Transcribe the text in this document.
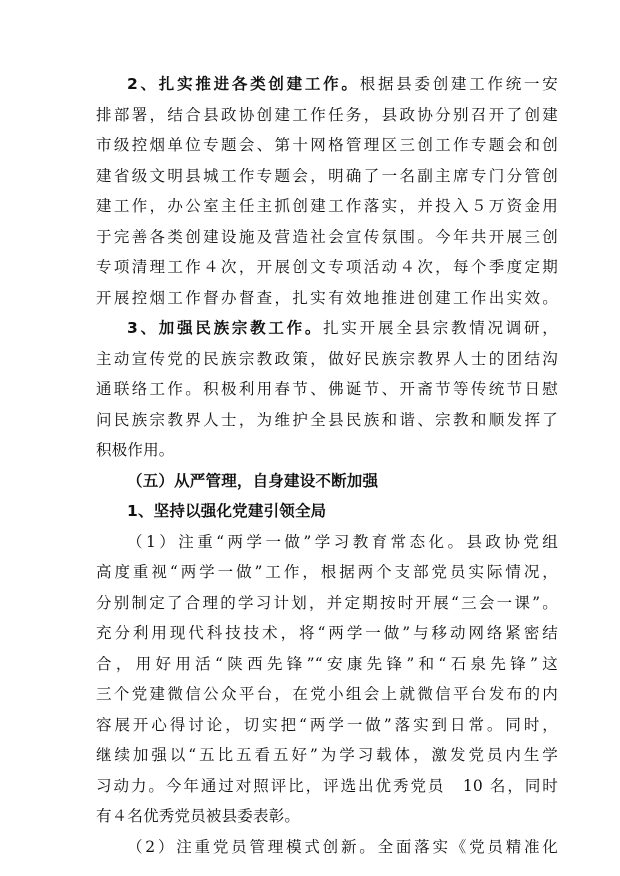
2、扎实推进各类创建工作。根据县委创建工作统一安
排部署，结合县政协创建工作任务，县政协分别召开了创建
市级控烟单位专题会、第十网格管理区三创工作专题会和创
建省级文明县城工作专题会，明确了一名副主席专门分管创
建工作，办公室主任主抓创建工作落实，并投入５万资金用
于完善各类创建设施及营造社会宣传氛围。今年共开展三创
专项清理工作４次，开展创文专项活动４次，每个季度定期
开展控烟工作督办督查，扎实有效地推进创建工作出实效。
3、加强民族宗教工作。扎实开展全县宗教情况调研，
主动宣传党的民族宗教政策，做好民族宗教界人士的团结沟
通联络工作。积极利用春节、佛诞节、开斋节等传统节日慰
问民族宗教界人士，为维护全县民族和谐、宗教和顺发挥了
积极作用。
（五）从严管理，自身建设不断加强
1、坚持以强化党建引领全局
（1）注重“两学一做”学习教育常态化。县政协党组
高度重视“两学一做”工作，根据两个支部党员实际情况，
分别制定了合理的学习计划，并定期按时开展“三会一课”。
充分利用现代科技技术，将“两学一做”与移动网络紧密结
合，用好用活“陕西先锋”“安康先锋”和“石泉先锋”这
三个党建微信公众平台，在党小组会上就微信平台发布的内
容展开心得讨论，切实把“两学一做”落实到日常。同时，
继续加强以“五比五看五好”为学习载体，激发党员内生学
习动力。今年通过对照评比，评选出优秀党员　10 名，同时
有４名优秀党员被县委表彰。
（2）注重党员管理模式创新。全面落实《党员精准化
